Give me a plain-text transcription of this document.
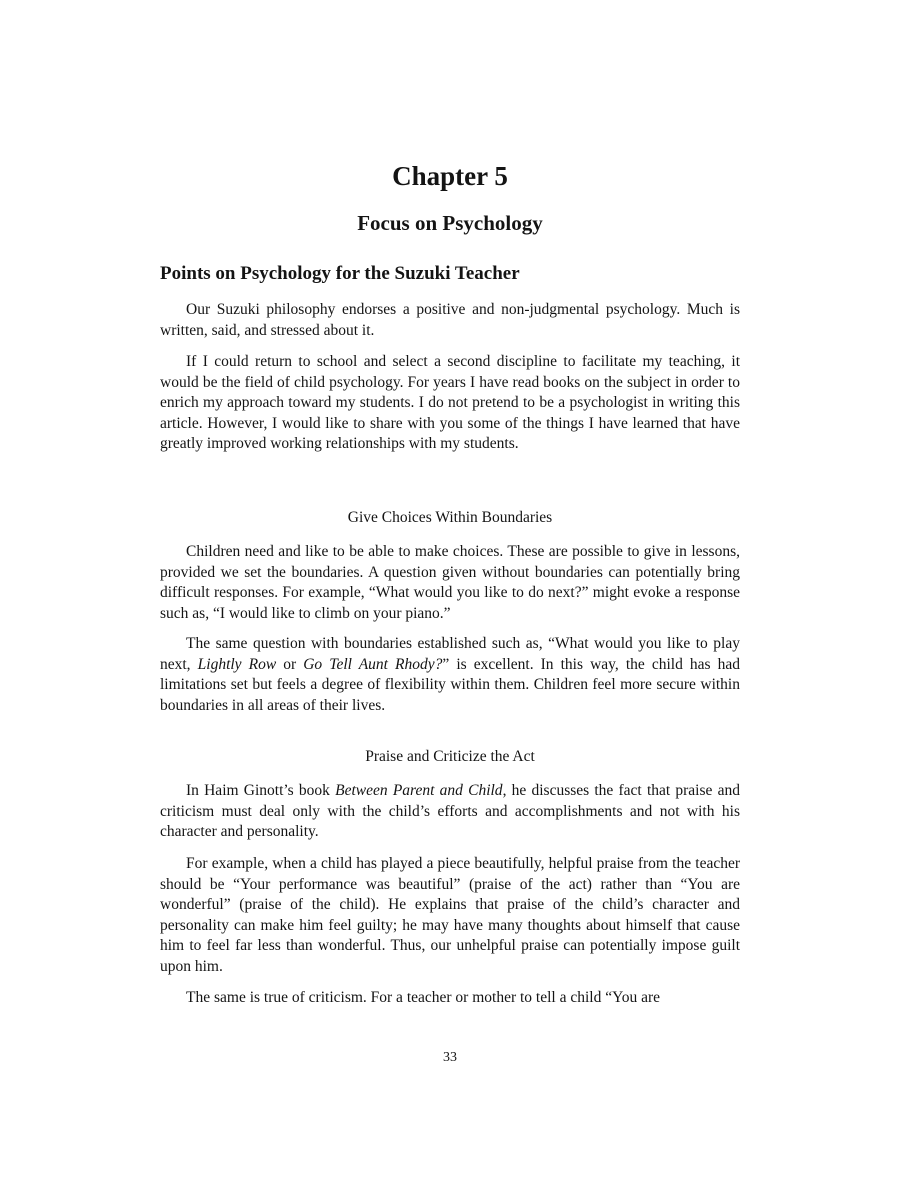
Chapter 5
Focus on Psychology
Points on Psychology for the Suzuki Teacher

Our Suzuki philosophy endorses a positive and non-judgmental psychology. Much is written, said, and stressed about it.

If I could return to school and select a second discipline to facilitate my teaching, it would be the field of child psychology. For years I have read books on the subject in order to enrich my approach toward my students. I do not pretend to be a psychologist in writing this article. However, I would like to share with you some of the things I have learned that have greatly improved working relationships with my students.

Give Choices Within Boundaries

Children need and like to be able to make choices. These are possible to give in lessons, provided we set the boundaries. A question given without boundaries can potentially bring difficult responses. For example, “What would you like to do next?” might evoke a response such as, “I would like to climb on your piano.”

The same question with boundaries established such as, “What would you like to play next, Lightly Row or Go Tell Aunt Rhody?” is excellent. In this way, the child has had limitations set but feels a degree of flexibility within them. Children feel more secure within boundaries in all areas of their lives.

Praise and Criticize the Act

In Haim Ginott’s book Between Parent and Child, he discusses the fact that praise and criticism must deal only with the child’s efforts and accomplishments and not with his character and personality.

For example, when a child has played a piece beautifully, helpful praise from the teacher should be “Your performance was beautiful” (praise of the act) rather than “You are wonderful” (praise of the child). He explains that praise of the child’s character and personality can make him feel guilty; he may have many thoughts about himself that cause him to feel far less than wonderful. Thus, our unhelpful praise can potentially impose guilt upon him.

The same is true of criticism. For a teacher or mother to tell a child “You are

33
